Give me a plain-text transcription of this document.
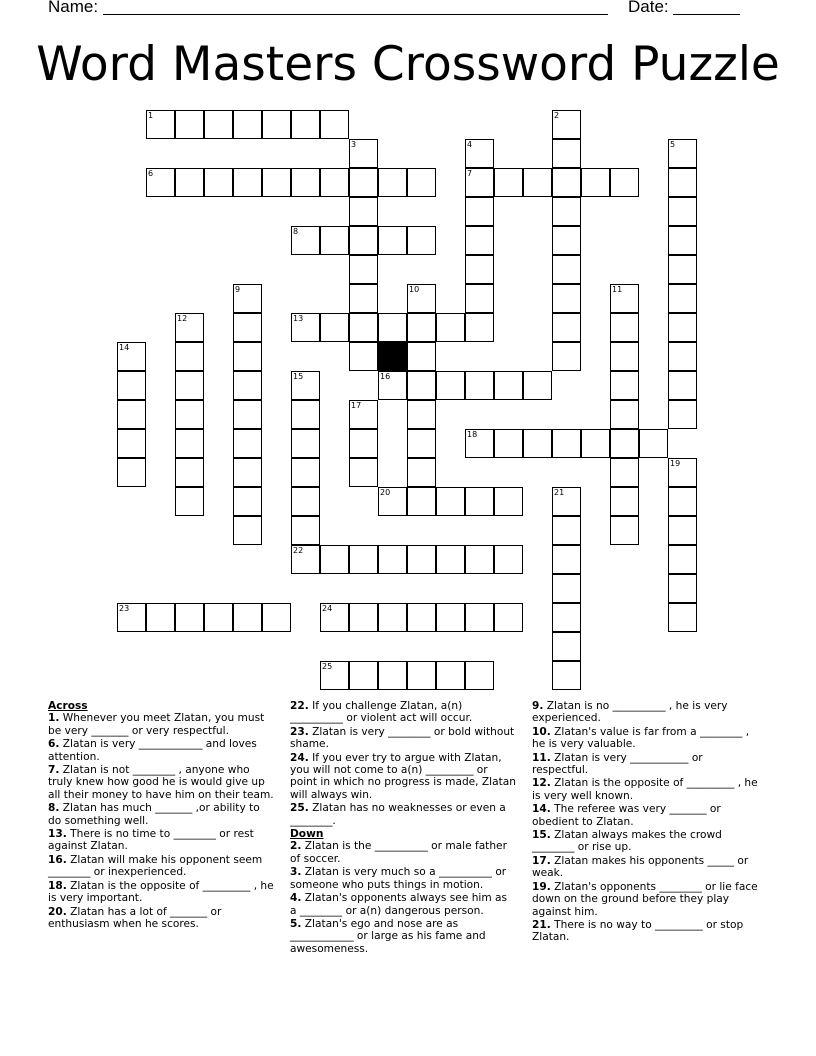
Name:	Date:
Word Masters Crossword Puzzle
1	2
3	4
7
5
6
8
9	10	11
12	13
14
15	16
17
18
19
20	21
22
23	24
25
Across
1. Whenever you meet Zlatan, you must be very _______ or very respectful.
6. Zlatan is very ____________ and loves attention.
7. Zlatan is not ________ , anyone who truly knew how good he is would give up all their money to have him on their team.
8. Zlatan has much _______ ,or ability to do something well.
13. There is no time to ________ or rest against Zlatan.
16. Zlatan will make his opponent seem ________ or inexperienced.
18. Zlatan is the opposite of _________ , he is very important.
20. Zlatan has a lot of _______ or enthusiasm when he scores.
22. If you challenge Zlatan, a(n) __________ or violent act will occur.
23. Zlatan is very ________ or bold without shame.
24. If you ever try to argue with Zlatan, you will not come to a(n) _________ or point in which no progress is made, Zlatan will always win.
25. Zlatan has no weaknesses or even a ________.
Down
2. Zlatan is the __________ or male father of soccer.
3. Zlatan is very much so a __________ or someone who puts things in motion.
4. Zlatan's opponents always see him as a ________ or a(n) dangerous person.
5. Zlatan's ego and nose are as ____________ or large as his fame and awesomeness.
9. Zlatan is no __________ , he is very experienced.
10. Zlatan's value is far from a ________ , he is very valuable.
11. Zlatan is very ___________ or respectful.
12. Zlatan is the opposite of _________ , he is very well known.
14. The referee was very _______ or obedient to Zlatan.
15. Zlatan always makes the crowd ________ or rise up.
17. Zlatan makes his opponents _____ or weak.
19. Zlatan's opponents ________ or lie face down on the ground before they play against him.
21. There is no way to _________ or stop Zlatan.
